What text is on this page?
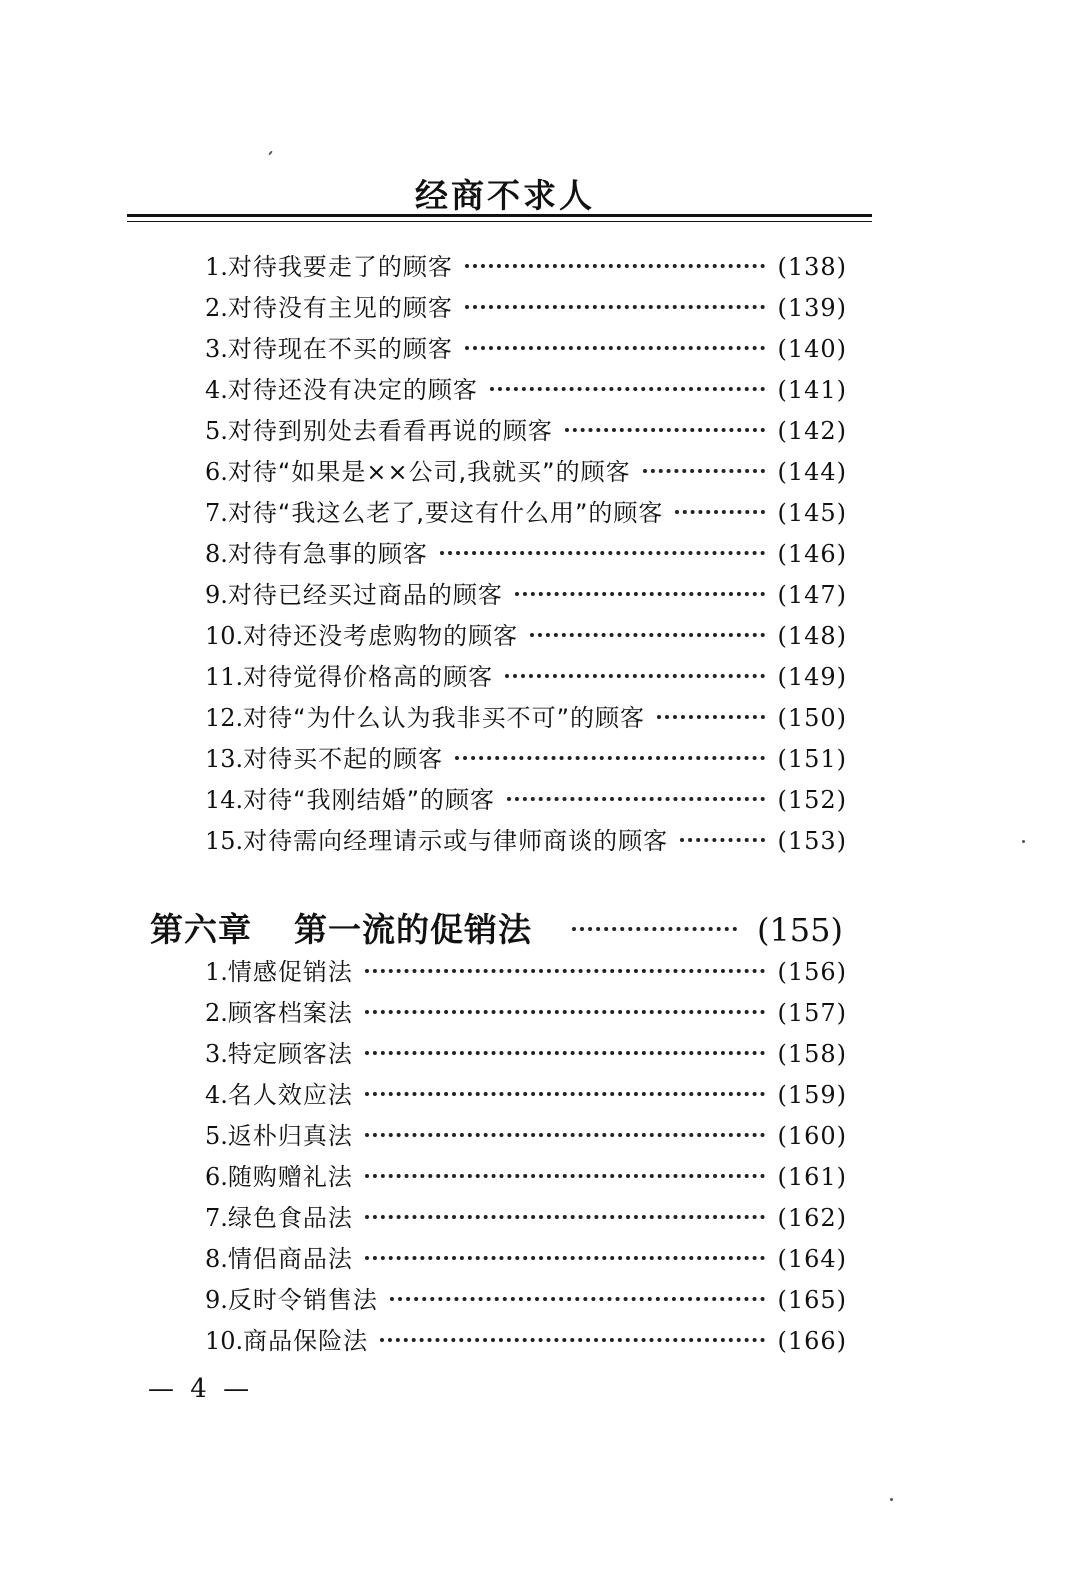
经商不求人
1. 对待我要走了的顾客	(138)
2. 对待没有主见的顾客	(139)
3. 对待现在不买的顾客	(140)
4. 对待还没有决定的顾客	(141)
5. 对待到别处去看看再说的顾客	(142)
6. 对待“如果是××公司,我就买”的顾客	(144)
7. 对待“我这么老了,要这有什么用”的顾客	(145)
8. 对待有急事的顾客	(146)
9. 对待已经买过商品的顾客	(147)
10. 对待还没考虑购物的顾客	(148)
11. 对待觉得价格高的顾客	(149)
12. 对待“为什么认为我非买不可”的顾客	(150)
13. 对待买不起的顾客	(151)
14. 对待“我刚结婚”的顾客	(152)
15. 对待需向经理请示或与律师商谈的顾客	(153)
第六章 第一流的促销法	(155)
1. 情感促销法	(156)
2. 顾客档案法	(157)
3. 特定顾客法	(158)
4. 名人效应法	(159)
5. 返朴归真法	(160)
6. 随购赠礼法	(161)
7. 绿色食品法	(162)
8. 情侣商品法	(164)
9. 反时令销售法	(165)
10. 商品保险法	(166)
— 4 —
